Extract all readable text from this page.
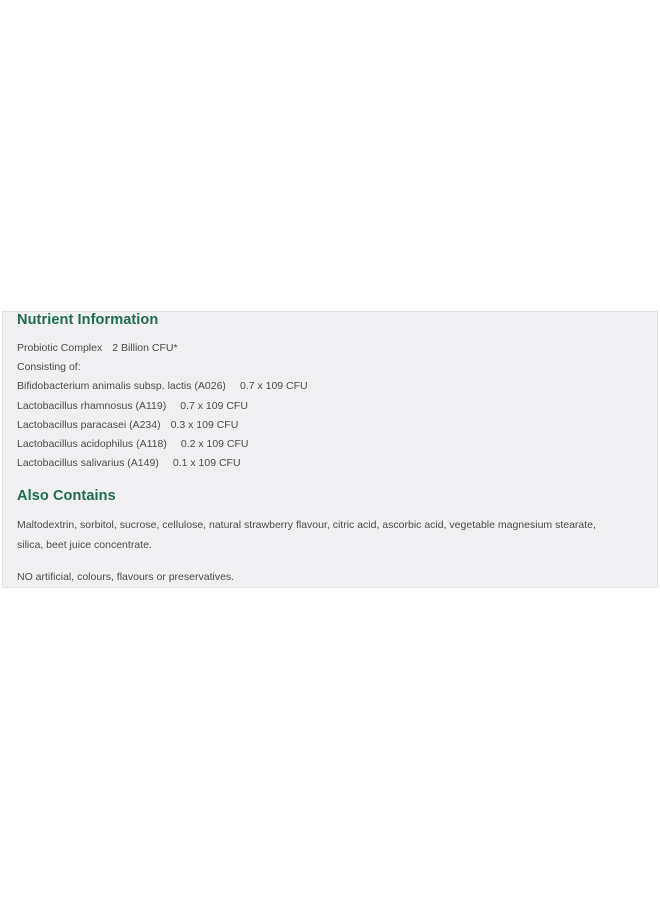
Nutrient Information
Probiotic Complex 2 Billion CFU*
Consisting of:
Bifidobacterium animalis subsp. lactis (A026) 0.7 x 109 CFU
Lactobacillus rhamnosus (A119) 0.7 x 109 CFU
Lactobacillus paracasei (A234) 0.3 x 109 CFU
Lactobacillus acidophilus (A118) 0.2 x 109 CFU
Lactobacillus salivarius (A149) 0.1 x 109 CFU
Also Contains
Maltodextrin, sorbitol, sucrose, cellulose, natural strawberry flavour, citric acid, ascorbic acid, vegetable magnesium stearate,
silica, beet juice concentrate.
NO artificial, colours, flavours or preservatives.
